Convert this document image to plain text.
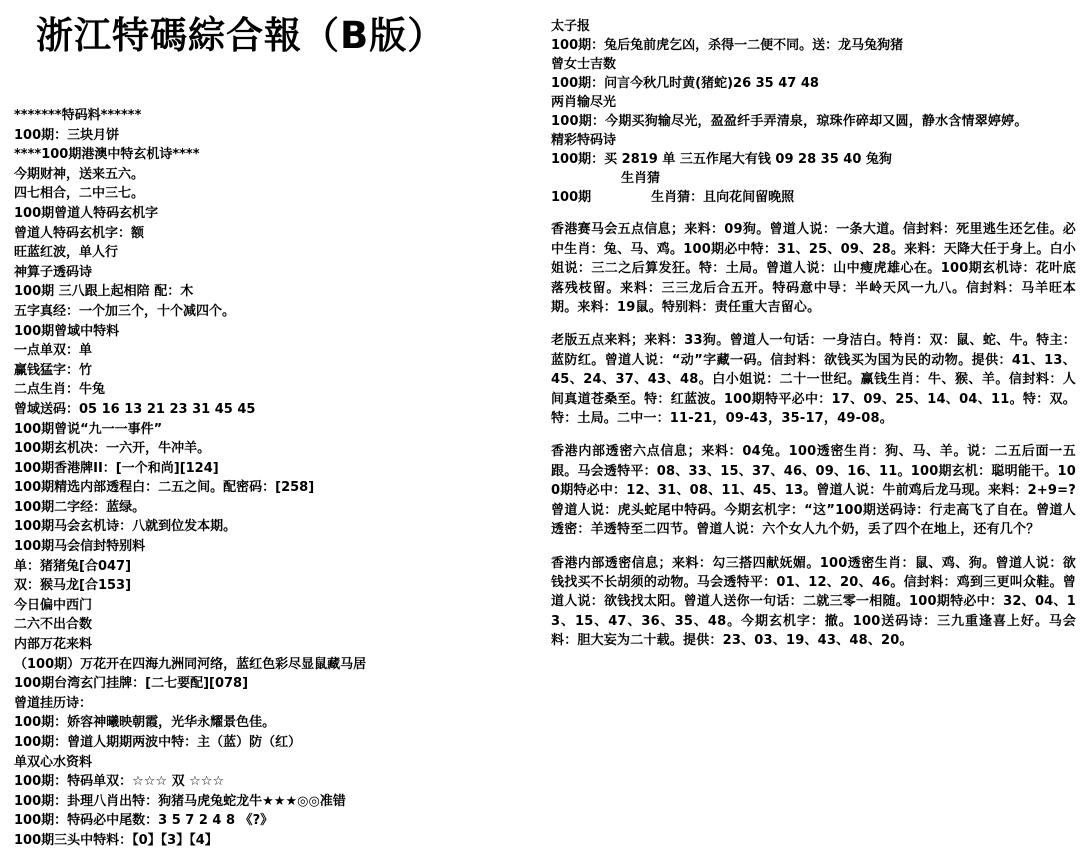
浙江特碼綜合報（B版）
*******特码料******
100期：三块月饼
****100期港澳中特玄机诗****
今期财神，送来五六。
四七相合，二中三七。
100期曾道人特码玄机字
曾道人特码玄机字：额
旺蓝红波，单人行
神算子透码诗
100期 三八跟上起相陪 配：木
五字真经：一个加三个，十个减四个。
100期曾域中特料
一点单双：单
赢钱猛字：竹
二点生肖：牛兔
曾域送码：05 16 13 21 23 31 45 45
100期曾说“九一一事件”
100期玄机决：一六开，牛冲羊。
100期香港牌II：[一个和尚][124]
100期精选内部透程白：二五之间。配密码：[258]
100期二字经：蓝绿。
100期马会玄机诗：八就到位发本期。
100期马会信封特别料
单：猪猪兔[合047]
双：猴马龙[合153]
今日偏中西门
二六不出合数
内部万花来料
（100期）万花开在四海九洲同河络，蓝红色彩尽显鼠藏马居
100期台湾玄门挂牌：[二七要配][078]
曾道挂历诗：
100期：娇容神曦映朝霞，光华永耀景色佳。
100期：曾道人期期两波中特：主（蓝）防（红）
单双心水资料
100期：特码单双：☆☆☆ 双 ☆☆☆
100期：卦理八肖出特：狗猪马虎兔蛇龙牛★★★◎◎准错
100期：特码必中尾数：3 5 7 2 4 8 《?》
100期三头中特料：【0】【3】【4】
太子报
100期：兔后兔前虎乞凶，杀得一二便不同。送：龙马兔狗猪
曾女士吉数
100期：问言今秋几时黄(猪蛇)26 35 47 48
两肖输尽光
100期：今期买狗输尽光，盈盈纤手弄清泉，琼珠作碎却又圆，静水含情翠婷婷。
精彩特码诗
100期：买 2819 单 三五作尾大有钱 09 28 35 40 兔狗
生肖猜
100期	生肖猜：且向花间留晚照
香港赛马会五点信息；来料：09狗。曾道人说：一条大道。信封料：死里逃生还乞佳。必中生肖：兔、马、鸡。100期必中特：31、25、09、28。来料：天降大任于身上。白小姐说：三二之后算发狂。特：土局。曾道人说：山中瘦虎雄心在。100期玄机诗：花叶底落残枝留。来料：三三龙后合五开。特码意中导：半岭天风一九八。信封料：马羊旺本期。来料：19鼠。特别料：责任重大吉留心。
老版五点来料；来料：33狗。曾道人一句话：一身洁白。特肖：双：鼠、蛇、牛。特主：蓝防红。曾道人说：“动”字藏一码。信封料：欲钱买为国为民的动物。提供：41、13、45、24、37、43、48。白小姐说：二十一世纪。赢钱生肖：牛、猴、羊。信封料：人间真道苍桑至。特：红蓝波。100期特平必中：17、09、25、14、04、11。特：双。特：土局。二中一：11-21，09-43，35-17，49-08。
香港内部透密六点信息；来料：04兔。100透密生肖：狗、马、羊。说：二五后面一五跟。马会透特平：08、33、15、37、46、09、16、11。100期玄机：聪明能干。100期特必中：12、31、08、11、45、13。曾道人说：牛前鸡后龙马现。来料：2+9=?曾道人说：虎头蛇尾中特码。今期玄机字：“这”100期送码诗：行走高飞了自在。曾道人透密：羊透特至二四节。曾道人说：六个女人九个奶，丢了四个在地上，还有几个？
香港内部透密信息；来料：勾三搭四献妩媚。100透密生肖：鼠、鸡、狗。曾道人说：欲钱找买不长胡须的动物。马会透特平：01、12、20、46。信封料：鸡到三更叫众鞋。曾道人说：欲钱找太阳。曾道人送你一句话：二就三零一相随。100期特必中：32、04、13、15、47、36、35、48。今期玄机字：撤。100送码诗：三九重逢喜上好。马会料：胆大妄为二十载。提供：23、03、19、43、48、20。
